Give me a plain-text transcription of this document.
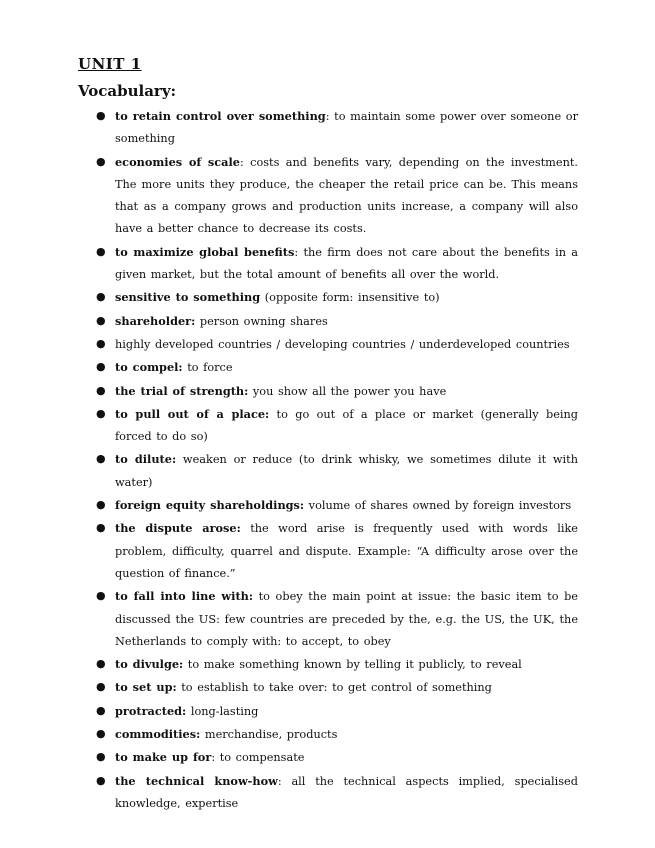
UNIT 1
Vocabulary:
● to retain control over something: to maintain some power over someone or something
● economies of scale: costs and benefits vary, depending on the investment. The more units they produce, the cheaper the retail price can be. This means that as a company grows and production units increase, a company will also have a better chance to decrease its costs.
● to maximize global benefits: the firm does not care about the benefits in a given market, but the total amount of benefits all over the world.
● sensitive to something (opposite form: insensitive to)
● shareholder: person owning shares
● highly developed countries / developing countries / underdeveloped countries
● to compel: to force
● the trial of strength: you show all the power you have
● to pull out of a place: to go out of a place or market (generally being forced to do so)
● to dilute: weaken or reduce (to drink whisky, we sometimes dilute it with water)
● foreign equity shareholdings: volume of shares owned by foreign investors
● the dispute arose: the word arise is frequently used with words like problem, difficulty, quarrel and dispute. Example: “A difficulty arose over the question of finance.”
● to fall into line with: to obey the main point at issue: the basic item to be discussed the US: few countries are preceded by the, e.g. the US, the UK, the Netherlands to comply with: to accept, to obey
● to divulge: to make something known by telling it publicly, to reveal
● to set up: to establish to take over: to get control of something
● protracted: long-lasting
● commodities: merchandise, products
● to make up for: to compensate
● the technical know-how: all the technical aspects implied, specialised knowledge, expertise
